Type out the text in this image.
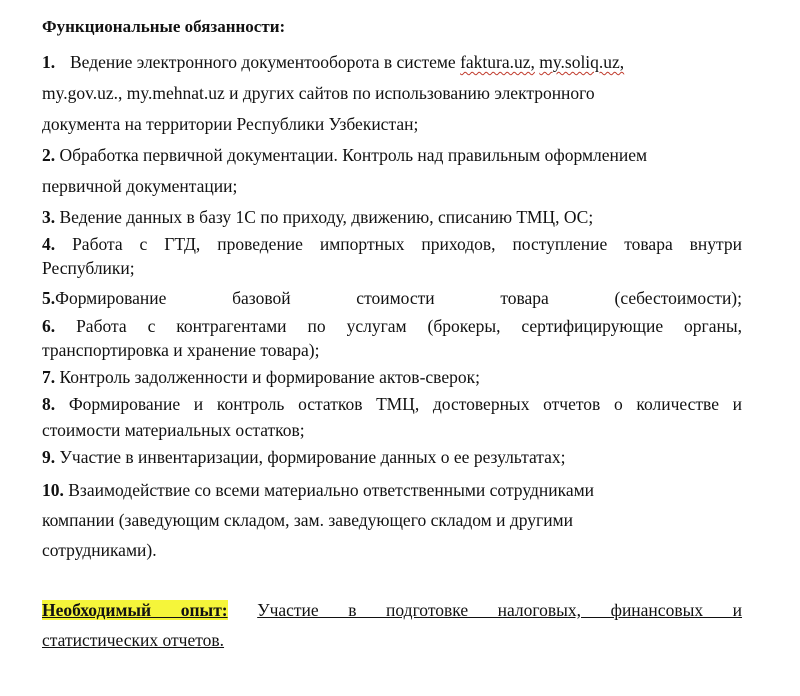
Функциональные обязанности:
1. Ведение электронного документооборота в системе faktura.uz, my.soliq.uz,
my.gov.uz., my.mehnat.uz и других сайтов по использованию электронного
документа на территории Республики Узбекистан;
2. Обработка первичной документации. Контроль над правильным оформлением
первичной документации;
3. Ведение данных в базу 1С по приходу, движению, списанию ТМЦ, ОС;
4. Работа с ГТД, проведение импортных приходов, поступление товара внутри
Республики;
5.Формирование базовой стоимости товара (себестоимости);
6. Работа с контрагентами по услугам (брокеры, сертифицирующие органы,
транспортировка и хранение товара);
7. Контроль задолженности и формирование актов-сверок;
8. Формирование и контроль остатков ТМЦ, достоверных отчетов о количестве и
стоимости материальных остатков;
9. Участие в инвентаризации, формирование данных о ее результатах;
10. Взаимодействие со всеми материально ответственными сотрудниками
компании (заведующим складом, зам. заведующего складом и другими
сотрудниками).
Необходимый опыт: Участие в подготовке налоговых, финансовых и
статистических отчетов.
